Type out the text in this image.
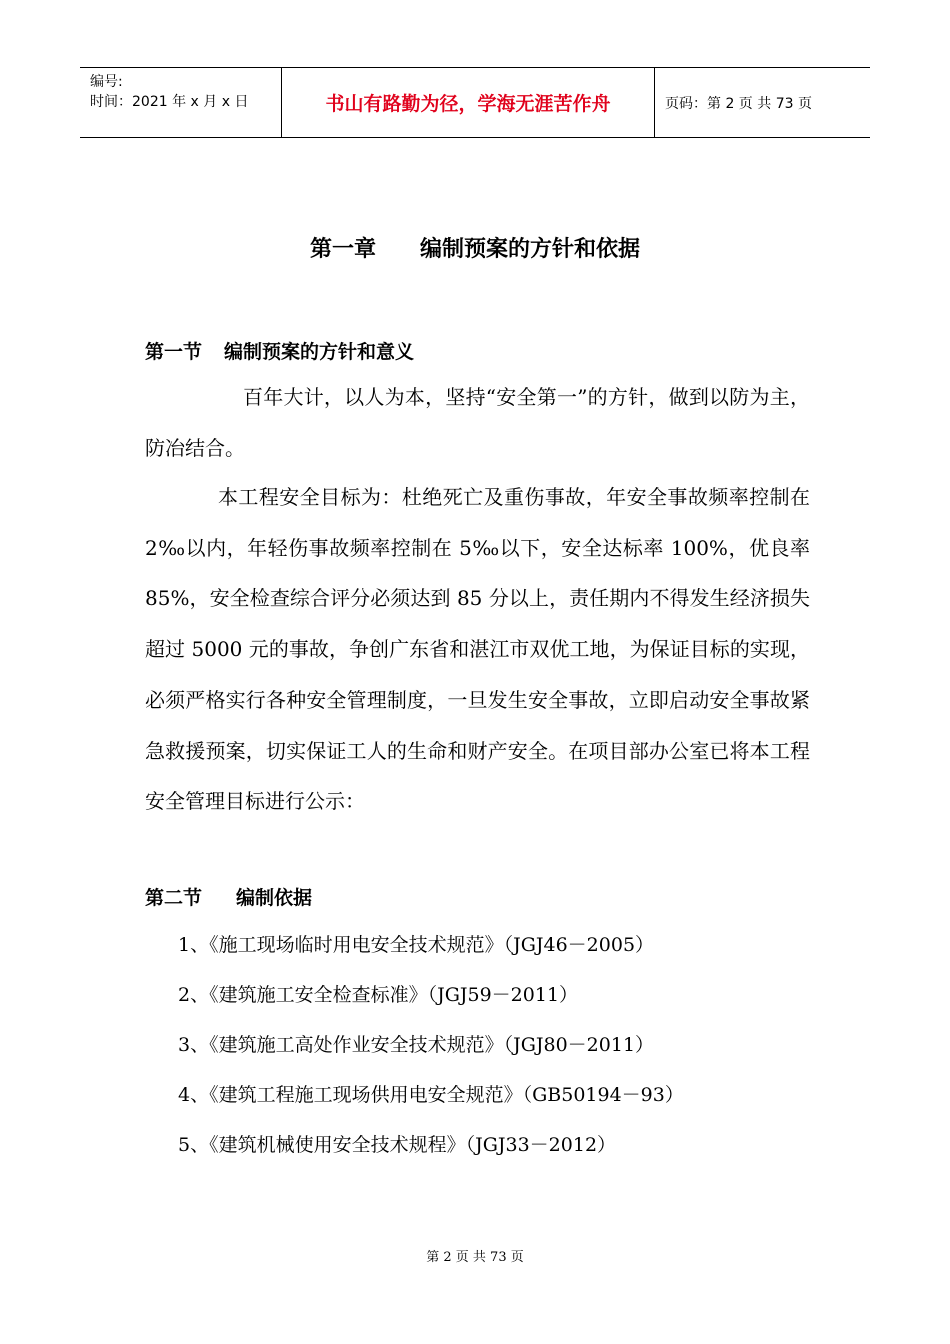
编号:
时间：2021 年 x 月 x 日	书山有路勤为径，学海无涯苦作舟	页码：第 2 页 共 73 页
第一章 编制预案的方针和依据
第一节 编制预案的方针和意义

百年大计，以人为本，坚持“安全第一”的方针，做到以防为主，防冶结合。

本工程安全目标为：杜绝死亡及重伤事故，年安全事故频率控制在 2‰以内，年轻伤事故频率控制在 5‰以下，安全达标率 100%，优良率 85%，安全检查综合评分必须达到 85 分以上，责任期内不得发生经济损失超过 5000 元的事故，争创广东省和湛江市双优工地，为保证目标的实现，必须严格实行各种安全管理制度，一旦发生安全事故，立即启动安全事故紧急救援预案，切实保证工人的生命和财产安全。在项目部办公室已将本工程安全管理目标进行公示：

第二节 编制依据
1、《施工现场临时用电安全技术规范》（JGJ46－2005）
2、《建筑施工安全检查标准》（JGJ59－2011）
3、《建筑施工高处作业安全技术规范》（JGJ80－2011）
4、《建筑工程施工现场供用电安全规范》（GB50194－93）
5、《建筑机械使用安全技术规程》（JGJ33－2012）
第 2 页 共 73 页
